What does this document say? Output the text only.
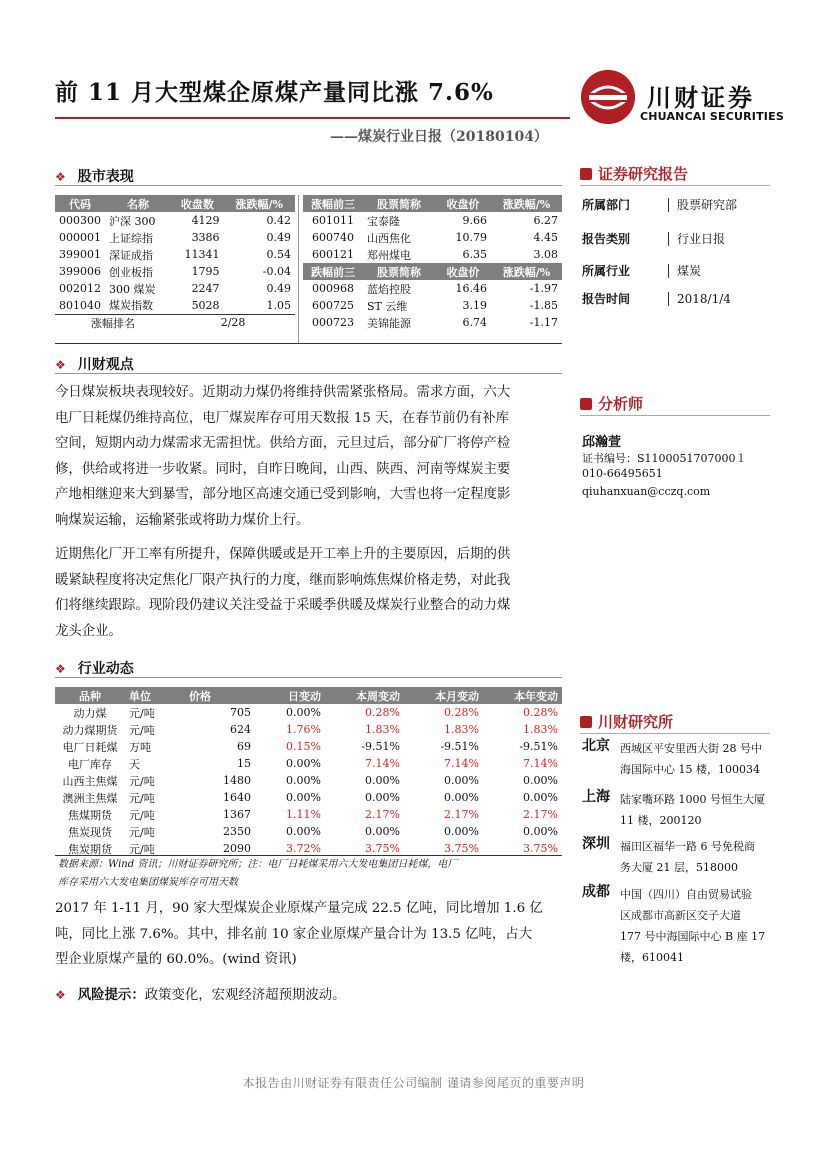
前 11 月大型煤企原煤产量同比涨 7.6%
——煤炭行业日报（20180104）
川财证券
CHUANCAI SECURITIES
❖ 股市表现
代码	名称	收盘数	涨跌幅/%
000300	沪深 300	4129	0.42
000001	上证综指	3386	0.49
399001	深证成指	11341	0.54
399006	创业板指	1795	-0.04
002012	300 煤炭	2247	0.49
801040	煤炭指数	5028	1.05
涨幅排名		2/28	
涨幅前三	股票简称	收盘价	涨跌幅/%
601011	宝泰隆	9.66	6.27
600740	山西焦化	10.79	4.45
600121	郑州煤电	6.35	3.08
跌幅前三	股票简称	收盘价	涨跌幅/%
000968	蓝焰控股	16.46	-1.97
600725	ST 云维	3.19	-1.85
000723	美锦能源	6.74	-1.17
❖ 川财观点
今日煤炭板块表现较好。近期动力煤仍将维持供需紧张格局。需求方面，六大
电厂日耗煤仍维持高位，电厂煤炭库存可用天数报 15 天，在春节前仍有补库
空间，短期内动力煤需求无需担忧。供给方面，元旦过后，部分矿厂将停产检
修，供给或将进一步收紧。同时，自昨日晚间，山西、陕西、河南等煤炭主要
产地相继迎来大到暴雪，部分地区高速交通已受到影响，大雪也将一定程度影
响煤炭运输，运输紧张或将助力煤价上行。
近期焦化厂开工率有所提升，保障供暖或是开工率上升的主要原因，后期的供
暖紧缺程度将决定焦化厂限产执行的力度，继而影响炼焦煤价格走势，对此我
们将继续跟踪。现阶段仍建议关注受益于采暖季供暖及煤炭行业整合的动力煤
龙头企业。
❖ 行业动态
品种	单位	价格	日变动	本周变动	本月变动	本年变动
动力煤	元/吨	705	0.00%	0.28%	0.28%	0.28%
动力煤期货	元/吨	624	1.76%	1.83%	1.83%	1.83%
电厂日耗煤	万吨	69	0.15%	-9.51%	-9.51%	-9.51%
电厂库存	天	15	0.00%	7.14%	7.14%	7.14%
山西主焦煤	元/吨	1480	0.00%	0.00%	0.00%	0.00%
澳洲主焦煤	元/吨	1640	0.00%	0.00%	0.00%	0.00%
焦煤期货	元/吨	1367	1.11%	2.17%	2.17%	2.17%
焦炭现货	元/吨	2350	0.00%	0.00%	0.00%	0.00%
焦炭期货	元/吨	2090	3.72%	3.75%	3.75%	3.75%
数据来源：Wind 资讯；川财证券研究所；注：电厂日耗煤采用六大发电集团日耗煤，电厂
库存采用六大发电集团煤炭库存可用天数
2017 年 1-11 月，90 家大型煤炭企业原煤产量完成 22.5 亿吨，同比增加 1.6 亿
吨，同比上涨 7.6%。其中，排名前 10 家企业原煤产量合计为 13.5 亿吨，占大
型企业原煤产量的 60.0%。(wind 资讯)
❖ 风险提示：政策变化，宏观经济超预期波动。
证券研究报告
所属部门	股票研究部
报告类别	行业日报
所属行业	煤炭
报告时间	2018/1/4
分析师
邱瀚萱
证书编号：S1100051707000１
010-66495651
qiuhanxuan@cczq.com
川财研究所
北京 西城区平安里西大街 28 号中
海国际中心 15 楼，100034
上海 陆家嘴环路 1000 号恒生大厦
11 楼，200120
深圳 福田区福华一路 6 号免税商
务大厦 21 层，518000
成都 中国（四川）自由贸易试验
区成都市高新区交子大道
177 号中海国际中心 B 座 17
楼，610041
本报告由川财证券有限责任公司编制 谨请参阅尾页的重要声明
